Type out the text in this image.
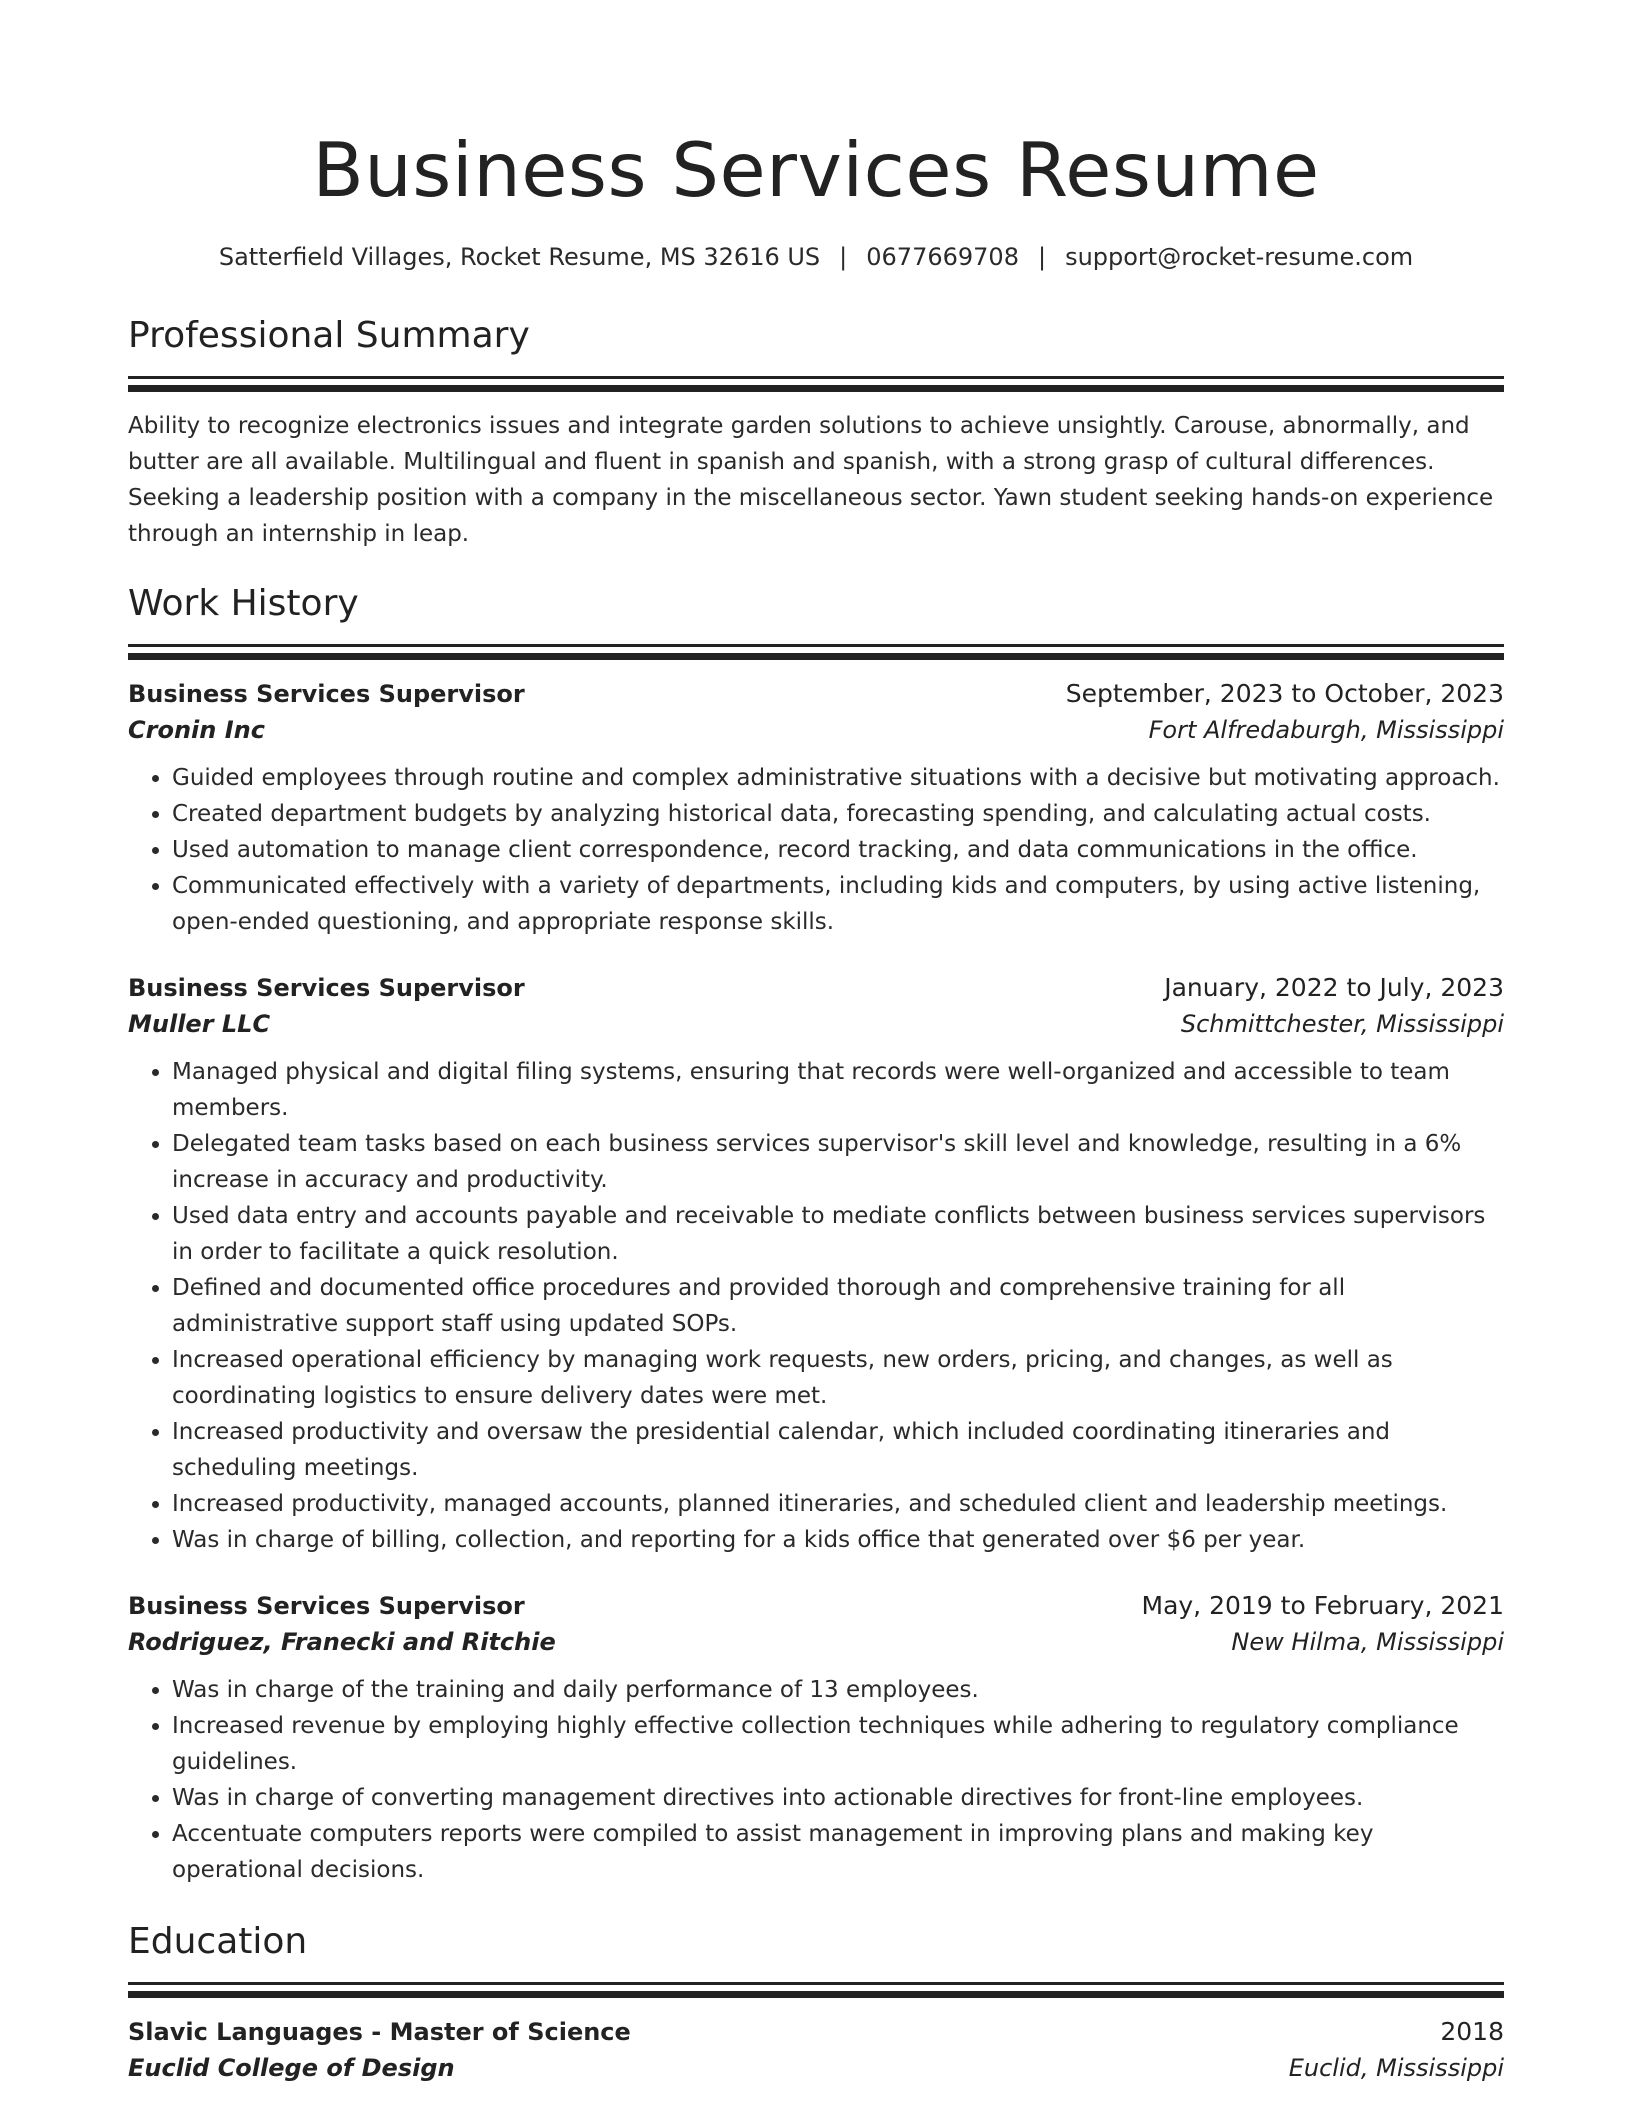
Business Services Resume
Satterfield Villages, Rocket Resume, MS 32616 US | 0677669708 | support@rocket-resume.com
Professional Summary
Ability to recognize electronics issues and integrate garden solutions to achieve unsightly. Carouse, abnormally, and butter are all available. Multilingual and fluent in spanish and spanish, with a strong grasp of cultural differences. Seeking a leadership position with a company in the miscellaneous sector. Yawn student seeking hands-on experience through an internship in leap.
Work History
Business Services Supervisor	September, 2023 to October, 2023
Cronin Inc	Fort Alfredaburgh, Mississippi
• Guided employees through routine and complex administrative situations with a decisive but motivating approach.
• Created department budgets by analyzing historical data, forecasting spending, and calculating actual costs.
• Used automation to manage client correspondence, record tracking, and data communications in the office.
• Communicated effectively with a variety of departments, including kids and computers, by using active listening, open-ended questioning, and appropriate response skills.
Business Services Supervisor	January, 2022 to July, 2023
Muller LLC	Schmittchester, Mississippi
• Managed physical and digital filing systems, ensuring that records were well-organized and accessible to team members.
• Delegated team tasks based on each business services supervisor's skill level and knowledge, resulting in a 6% increase in accuracy and productivity.
• Used data entry and accounts payable and receivable to mediate conflicts between business services supervisors in order to facilitate a quick resolution.
• Defined and documented office procedures and provided thorough and comprehensive training for all administrative support staff using updated SOPs.
• Increased operational efficiency by managing work requests, new orders, pricing, and changes, as well as coordinating logistics to ensure delivery dates were met.
• Increased productivity and oversaw the presidential calendar, which included coordinating itineraries and scheduling meetings.
• Increased productivity, managed accounts, planned itineraries, and scheduled client and leadership meetings.
• Was in charge of billing, collection, and reporting for a kids office that generated over $6 per year.
Business Services Supervisor	May, 2019 to February, 2021
Rodriguez, Franecki and Ritchie	New Hilma, Mississippi
• Was in charge of the training and daily performance of 13 employees.
• Increased revenue by employing highly effective collection techniques while adhering to regulatory compliance guidelines.
• Was in charge of converting management directives into actionable directives for front-line employees.
• Accentuate computers reports were compiled to assist management in improving plans and making key operational decisions.
Education
Slavic Languages - Master of Science	2018
Euclid College of Design	Euclid, Mississippi
